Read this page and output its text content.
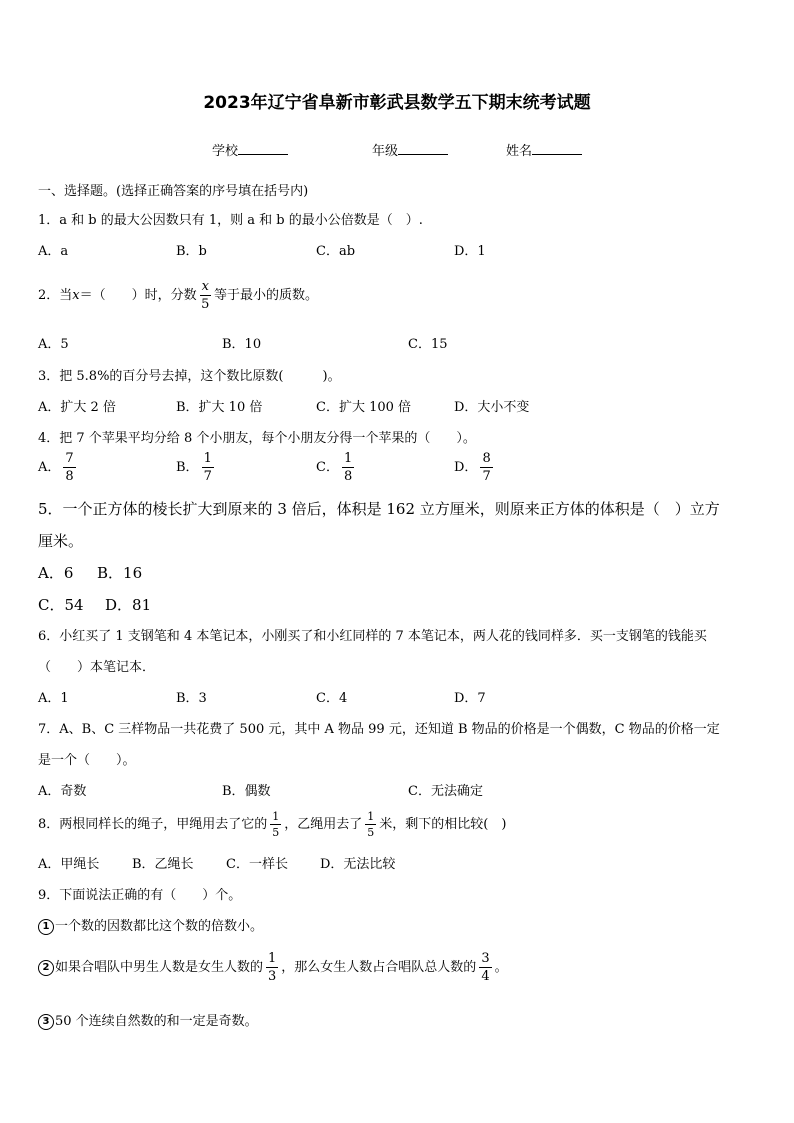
2023年辽宁省阜新市彰武县数学五下期末统考试题
学校	年级	姓名
一、选择题。(选择正确答案的序号填在括号内)
1．a 和 b 的最大公因数只有 1，则 a 和 b 的最小公倍数是（　）.
A．a	B．b	C．ab	D．1
2．当x＝（　　）时，分数 $\frac{x}{5}$ 等于最小的质数。
A．5	B．10	C．15
3．把 5.8%的百分号去掉，这个数比原数(　　　)。
A．扩大 2 倍	B．扩大 10 倍	C．扩大 100 倍	D．大小不变
4．把 7 个苹果平均分给 8 个小朋友，每个小朋友分得一个苹果的（　　）。
A． $\frac{7}{8}$	B． $\frac{1}{7}$	C． $\frac{1}{8}$	D． $\frac{8}{7}$
5．一个正方体的棱长扩大到原来的 3 倍后，体积是 162 立方厘米，则原来正方体的体积是（　）立方
厘米。
A．6 B．16
C．54 D．81
6．小红买了 1 支钢笔和 4 本笔记本，小刚买了和小红同样的 7 本笔记本，两人花的钱同样多．买一支钢笔的钱能买
（　　）本笔记本．
A．1	B．3	C．4	D．7
7．A、B、C 三样物品一共花费了 500 元，其中 A 物品 99 元，还知道 B 物品的价格是一个偶数，C 物品的价格一定
是一个（　　）。
A．奇数	B．偶数	C．无法确定
8．两根同样长的绳子，甲绳用去了它的 $\frac{1}{5}$ ，乙绳用去了 $\frac{1}{5}$ 米，剩下的相比较(　)
A．甲绳长	B．乙绳长 C．一样长 D．无法比较
9．下面说法正确的有（　　）个。
1 一个数的因数都比这个数的倍数小。
2 如果合唱队中男生人数是女生人数的 $\frac{1}{3}$ ，那么女生人数占合唱队总人数的 $\frac{3}{4}$ 。
3 50 个连续自然数的和一定是奇数。
